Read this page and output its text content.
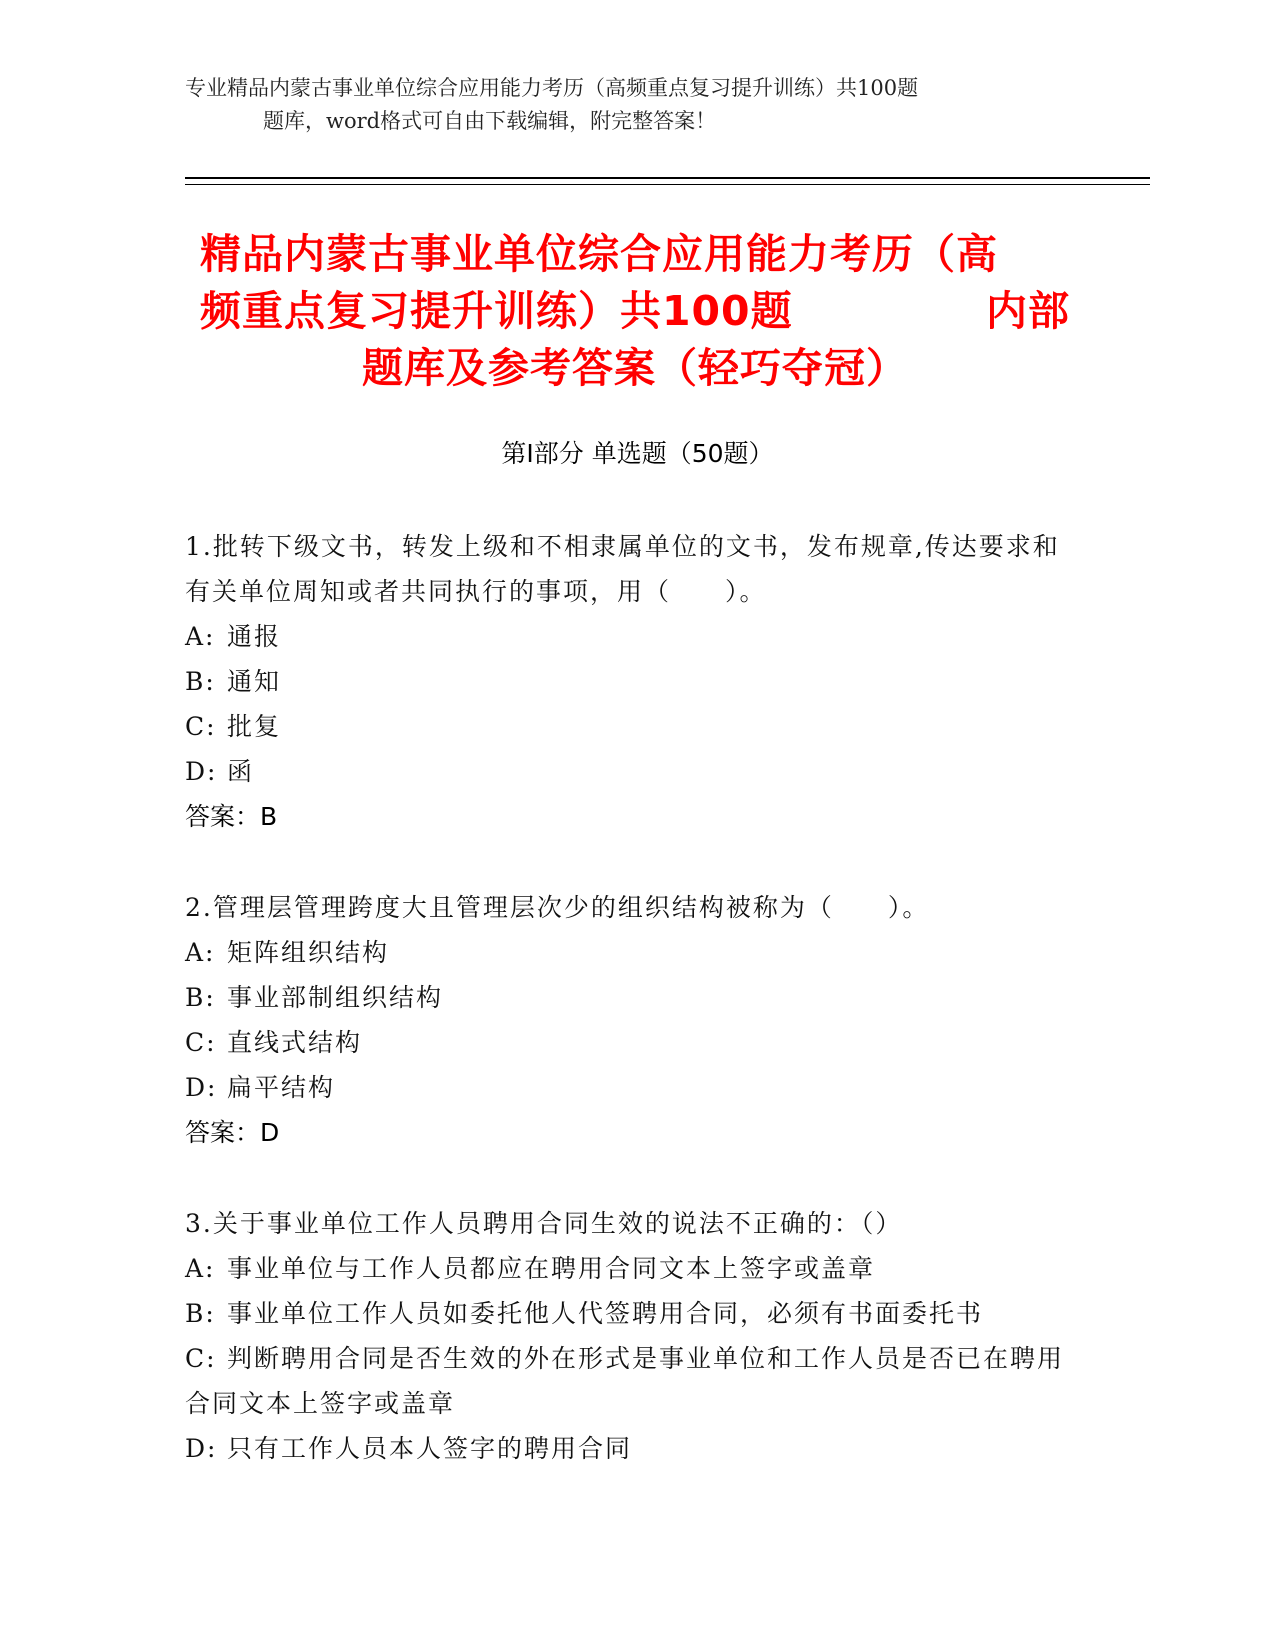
专业精品内蒙古事业单位综合应用能力考历（高频重点复习提升训练）共100题
题库，word格式可自由下载编辑，附完整答案！
精品内蒙古事业单位综合应用能力考历（高
频重点复习提升训练）共100题	内部
题库及参考答案（轻巧夺冠）
第Ⅰ部分 单选题（50题）
1.批转下级文书，转发上级和不相隶属单位的文书，发布规章,传达要求和有关单位周知或者共同执行的事项，用（　　）。
A: 通报
B: 通知
C: 批复
D: 函
答案：B
2.管理层管理跨度大且管理层次少的组织结构被称为（　　）。
A: 矩阵组织结构
B: 事业部制组织结构
C: 直线式结构
D: 扁平结构
答案：D
3.关于事业单位工作人员聘用合同生效的说法不正确的：（）
A: 事业单位与工作人员都应在聘用合同文本上签字或盖章
B: 事业单位工作人员如委托他人代签聘用合同，必须有书面委托书
C: 判断聘用合同是否生效的外在形式是事业单位和工作人员是否已在聘用合同文本上签字或盖章
D: 只有工作人员本人签字的聘用合同
